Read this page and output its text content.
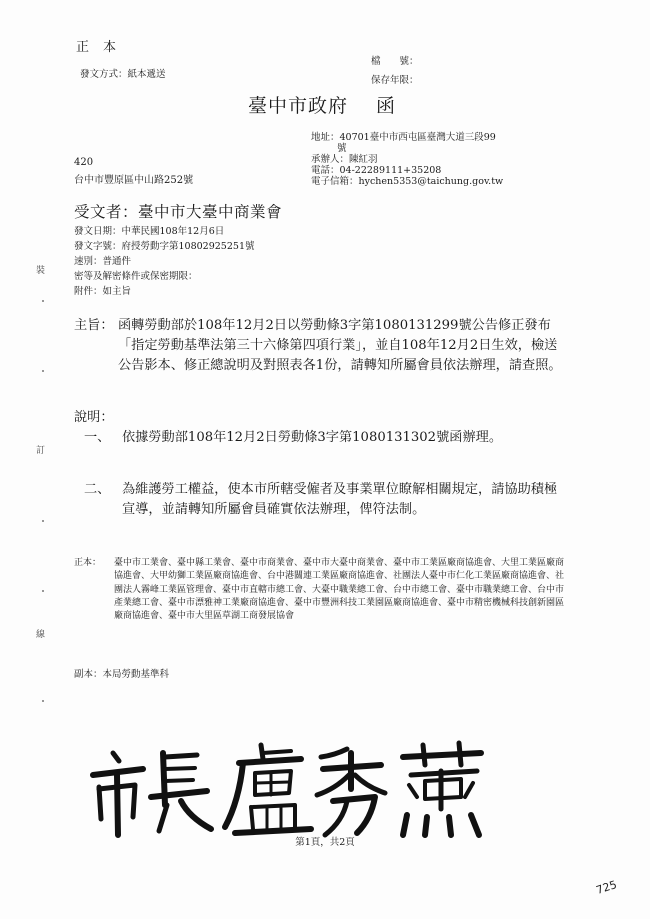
正本
發文方式：紙本遞送
檔　　號：
保存年限：
臺中市政府 函
地址：40701臺中市西屯區臺灣大道三段99
號
承辦人：陳紅羽
電話：04-22289111+35208
電子信箱：hychen5353@taichung.gov.tw
420
台中市豐原區中山路252號
受文者：臺中市大臺中商業會
發文日期：中華民國108年12月6日
發文字號：府授勞動字第10802925251號
速別：普通件
密等及解密條件或保密期限：
附件：如主旨
主旨： 函轉勞動部於108年12月2日以勞動條3字第1080131299號公告修正發布「指定勞動基準法第三十六條第四項行業」，並自108年12月2日生效，檢送公告影本、修正總說明及對照表各1份，請轉知所屬會員依法辦理，請查照。
說明：
一、 依據勞動部108年12月2日勞動條3字第1080131302號函辦理。
二、 為維護勞工權益，使本市所轄受僱者及事業單位瞭解相關規定，請協助積極宣導，並請轉知所屬會員確實依法辦理，俾符法制。
正本： 臺中市工業會、臺中縣工業會、臺中市商業會、臺中市大臺中商業會、臺中市工業區廠商協進會、大里工業區廠商協進會、大甲幼獅工業區廠商協進會、台中港關連工業區廠商協進會、社團法人臺中市仁化工業區廠商協進會、社團法人霧峰工業區管理會、臺中市直轄市總工會、大臺中職業總工會、台中市總工會、臺中市職業總工會、台中市產業總工會、臺中市漂雅神工業廠商協進會、臺中市豐洲科技工業園區廠商協進會、臺中市精密機械科技創新園區廠商協進會、臺中市大里區草湖工商發展協會
副本：本局勞動基準科
裝
訂
線
第1頁，共2頁
725
